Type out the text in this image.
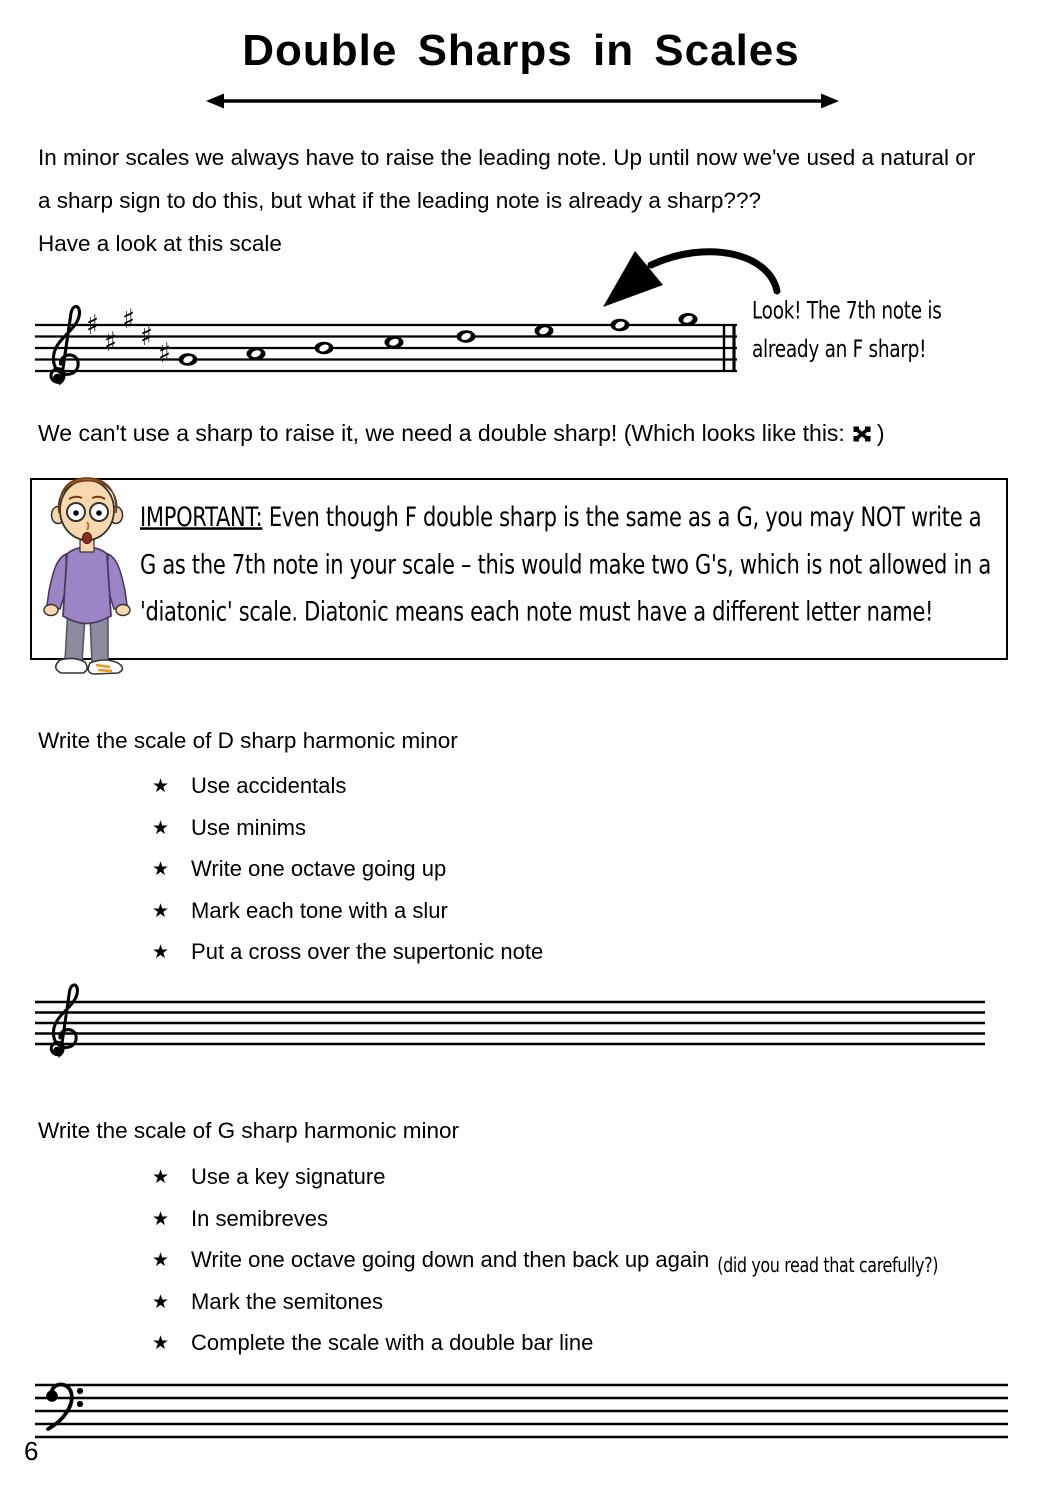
Double Sharps in Scales
In minor scales we always have to raise the leading note. Up until now we've used a natural or a sharp sign to do this, but what if the leading note is already a sharp???
Have a look at this scale
♯
♯
♯
♯
♯
Look! The 7th note is
already an F sharp!
We can't use a sharp to raise it, we need a double sharp! (Which looks like this: )
IMPORTANT: Even though F double sharp is the same as a G, you may NOT write a G as the 7th note in your scale – this would make two G's, which is not allowed in a 'diatonic' scale. Diatonic means each note must have a different letter name!
Write the scale of D sharp harmonic minor
★ Use accidentals
★ Use minims
★ Write one octave going up
★ Mark each tone with a slur
★ Put a cross over the supertonic note
Write the scale of G sharp harmonic minor
★ Use a key signature
★ In semibreves
★ Write one octave going down and then back up again (did you read that carefully?)
★ Mark the semitones
★ Complete the scale with a double bar line
6
